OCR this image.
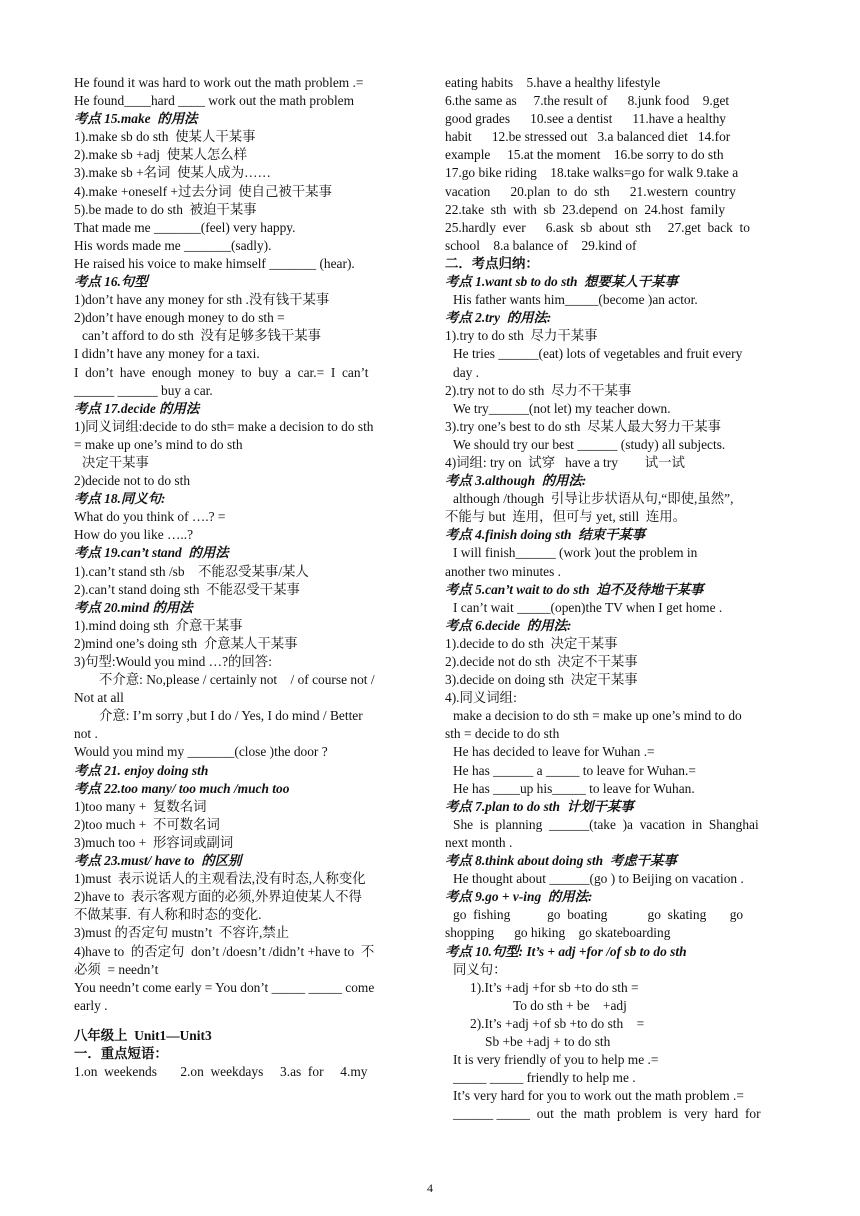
He found it was hard to work out the math problem .=
He found____hard ____ work out the math problem
考点 15.make  的用法
1).make sb do sth  使某人干某事
2).make sb +adj  使某人怎么样
3).make sb +名词  使某人成为……
4).make +oneself +过去分词  使自己被干某事
5).be made to do sth  被迫干某事
That made me _______(feel) very happy.
His words made me _______(sadly).
He raised his voice to make himself _______ (hear).
考点 16.句型
1)don’t have any money for sth .没有钱干某事
2)don’t have enough money to do sth =
can’t afford to do sth  没有足够多钱干某事
I didn’t have any money for a taxi.
I  don’t  have  enough  money  to  buy  a  car.=  I  can’t
______ ______ buy a car.
考点 17.decide 的用法
1)同义词组:decide to do sth= make a decision to do sth
= make up one’s mind to do sth
决定干某事
2)decide not to do sth
考点 18.同义句:
What do you think of ….? =
How do you like …..?
考点 19.can’t stand  的用法
1).can’t stand sth /sb    不能忍受某事/某人
2).can’t stand doing sth  不能忍受干某事
考点 20.mind 的用法
1).mind doing sth  介意干某事
2)mind one’s doing sth  介意某人干某事
3)句型:Would you mind …?的回答:
不介意: No,please / certainly not    / of course not /
Not at all
介意: I’m sorry ,but I do / Yes, I do mind / Better
not .
Would you mind my _______(close )the door ?
考点 21. enjoy doing sth
考点 22.too many/ too much /much too
1)too many +  复数名词
2)too much +  不可数名词
3)much too +  形容词或副词
考点 23.must/ have to  的区别
1)must  表示说话人的主观看法,没有时态,人称变化
2)have to  表示客观方面的必须,外界迫使某人不得
不做某事.  有人称和时态的变化.
3)must 的否定句 mustn’t  不容许,禁止
4)have to  的否定句  don’t /doesn’t /didn’t +have to  不
必须  = needn’t
You needn’t come early = You don’t _____ _____ come
early .
八年级上  Unit1—Unit3
一．重点短语：
1.on  weekends       2.on  weekdays     3.as  for     4.my
eating habits    5.have a healthy lifestyle
6.the same as     7.the result of      8.junk food    9.get
good grades      10.see a dentist      11.have a healthy
habit      12.be stressed out   3.a balanced diet   14.for
example     15.at the moment    16.be sorry to do sth
17.go bike riding    18.take walks=go for walk 9.take a
vacation      20.plan  to  do  sth      21.western  country
22.take  sth  with  sb  23.depend  on  24.host  family
25.hardly  ever      6.ask  sb  about  sth     27.get  back  to
school    8.a balance of    29.kind of
二．考点归纳：
考点 1.want sb to do sth  想要某人干某事
His father wants him_____(become )an actor.
考点 2.try  的用法:
1).try to do sth  尽力干某事
He tries ______(eat) lots of vegetables and fruit every
day .
2).try not to do sth  尽力不干某事
We try______(not let) my teacher down.
3).try one’s best to do sth  尽某人最大努力干某事
We should try our best ______ (study) all subjects.
4)词组: try on  试穿   have a try        试一试
考点 3.although  的用法:
although /though  引导让步状语从句,“即使,虽然”,
不能与 but  连用，但可与 yet, still  连用。
考点 4.finish doing sth  结束干某事
I will finish______ (work )out the problem in
another two minutes .
考点 5.can’t wait to do sth  迫不及待地干某事
I can’t wait _____(open)the TV when I get home .
考点 6.decide  的用法:
1).decide to do sth  决定干某事
2).decide not do sth  决定不干某事
3).decide on doing sth  决定干某事
4).同义词组:
make a decision to do sth = make up one’s mind to do
sth = decide to do sth
He has decided to leave for Wuhan .=
He has ______ a _____ to leave for Wuhan.=
He has ____up his_____ to leave for Wuhan.
考点 7.plan to do sth  计划干某事
She  is  planning  ______(take  )a  vacation  in  Shanghai
next month .
考点 8.think about doing sth  考虑干某事
He thought about ______(go ) to Beijing on vacation .
考点 9.go + v-ing  的用法:
go  fishing           go  boating            go  skating       go
shopping      go hiking    go skateboarding
考点 10.句型: It’s + adj +for /of sb to do sth
同义句：
1).It’s +adj +for sb +to do sth =
To do sth + be    +adj
2).It’s +adj +of sb +to do sth    =
Sb +be +adj + to do sth
It is very friendly of you to help me .=
_____ _____ friendly to help me .
It’s very hard for you to work out the math problem .=
______ _____  out  the  math  problem  is  very  hard  for
4
